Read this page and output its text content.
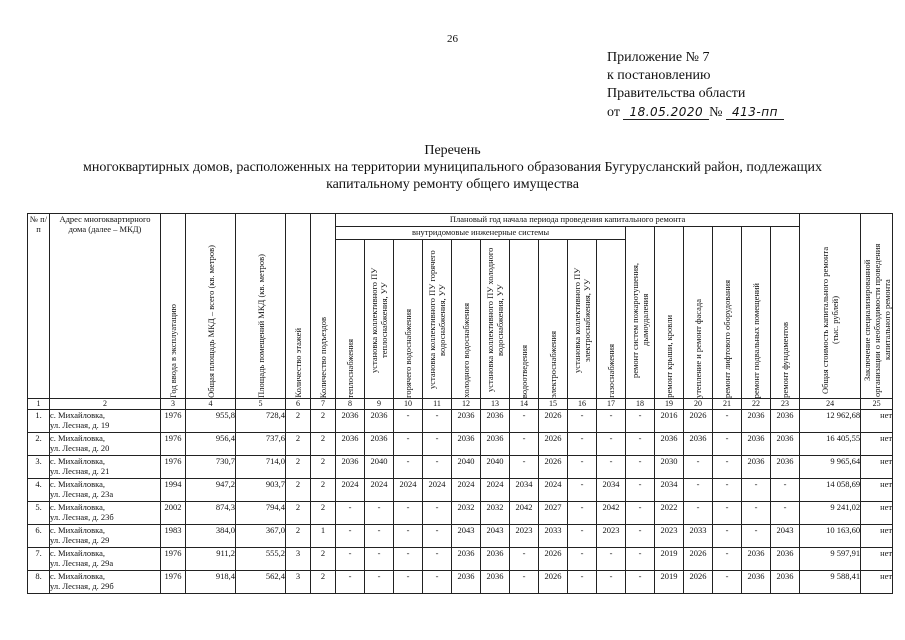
26
Приложение № 7
к постановлению
Правительства области
от 18.05.2020 № 413-пп
Перечень
многоквартирных домов, расположенных на территории муниципального образования Бугурусланский район, подлежащих капитальному ремонту общего имущества
№ п/п	Адрес многоквартирного дома (далее – МКД)	Год ввода в эксплуатацию	Общая площадь МКД – всего (кв. метров)	Площадь помещений МКД (кв. метров)	Количество этажей	Количество подъездов	Плановый год начала периода проведения капитального ремонта																Общая стоимость капитального ремонта (тыс. рублей)	Заключение специализированной организации о необходимости проведения капитального ремонта

							внутридомовые инженерные системы										ремонт систем пожаротушения, дымоудаления	ремонт крыши, кровли	утепление и ремонт фасада	ремонт лифтового оборудования	ремонт подвальных помещений	ремонт фундаментов		

							теплоснабжения	установка коллективного ПУ теплоснабжения, УУ	горячего водоснабжения	установка коллективного ПУ горячего водоснабжения, УУ	холодного водоснабжения	установка коллективного ПУ холодного водоснабжения, УУ	водоотведения	электроснабжения	установка коллективного ПУ электроснабжения, УУ	газоснабжения								

1	2	3	4	5	6	7	8	9	10	11	12	13	14	15	16	17	18	19	20	21	22	23	24	25
1.	с. Михайловка,
ул. Лесная, д. 19	1976	955,8	728,4	2	2	2036	2036	-	-	2036	2036	-	2026	-	-	-	2016	2026	-	2036	2036	12 962,68	нет
2.	с. Михайловка,
ул. Лесная, д. 20	1976	956,4	737,6	2	2	2036	2036	-	-	2036	2036	-	2026	-	-	-	2036	2036	-	2036	2036	16 405,55	нет
3.	с. Михайловка,
ул. Лесная, д. 21	1976	730,7	714,0	2	2	2036	2040	-	-	2040	2040	-	2026	-	-	-	2030	-	-	2036	2036	9 965,64	нет
4.	с. Михайловка,
ул. Лесная, д. 23а	1994	947,2	903,7	2	2	2024	2024	2024	2024	2024	2024	2034	2024	-	2034	-	2034	-	-	-	-	14 058,69	нет
5.	с. Михайловка,
ул. Лесная, д. 23б	2002	874,3	794,4	2	2	-	-	-	-	2032	2032	2042	2027	-	2042	-	2022	-	-	-	-	9 241,02	нет
6.	с. Михайловка,
ул. Лесная, д. 29	1983	384,0	367,0	2	1	-	-	-	-	2043	2043	2023	2033	-	2023	-	2023	2033	-	-	2043	10 163,60	нет
7.	с. Михайловка,
ул. Лесная, д. 29а	1976	911,2	555,2	3	2	-	-	-	-	2036	2036	-	2026	-	-	-	2019	2026	-	2036	2036	9 597,91	нет
8.	с. Михайловка,
ул. Лесная, д. 29б	1976	918,4	562,4	3	2	-	-	-	-	2036	2036	-	2026	-	-	-	2019	2026	-	2036	2036	9 588,41	нет
